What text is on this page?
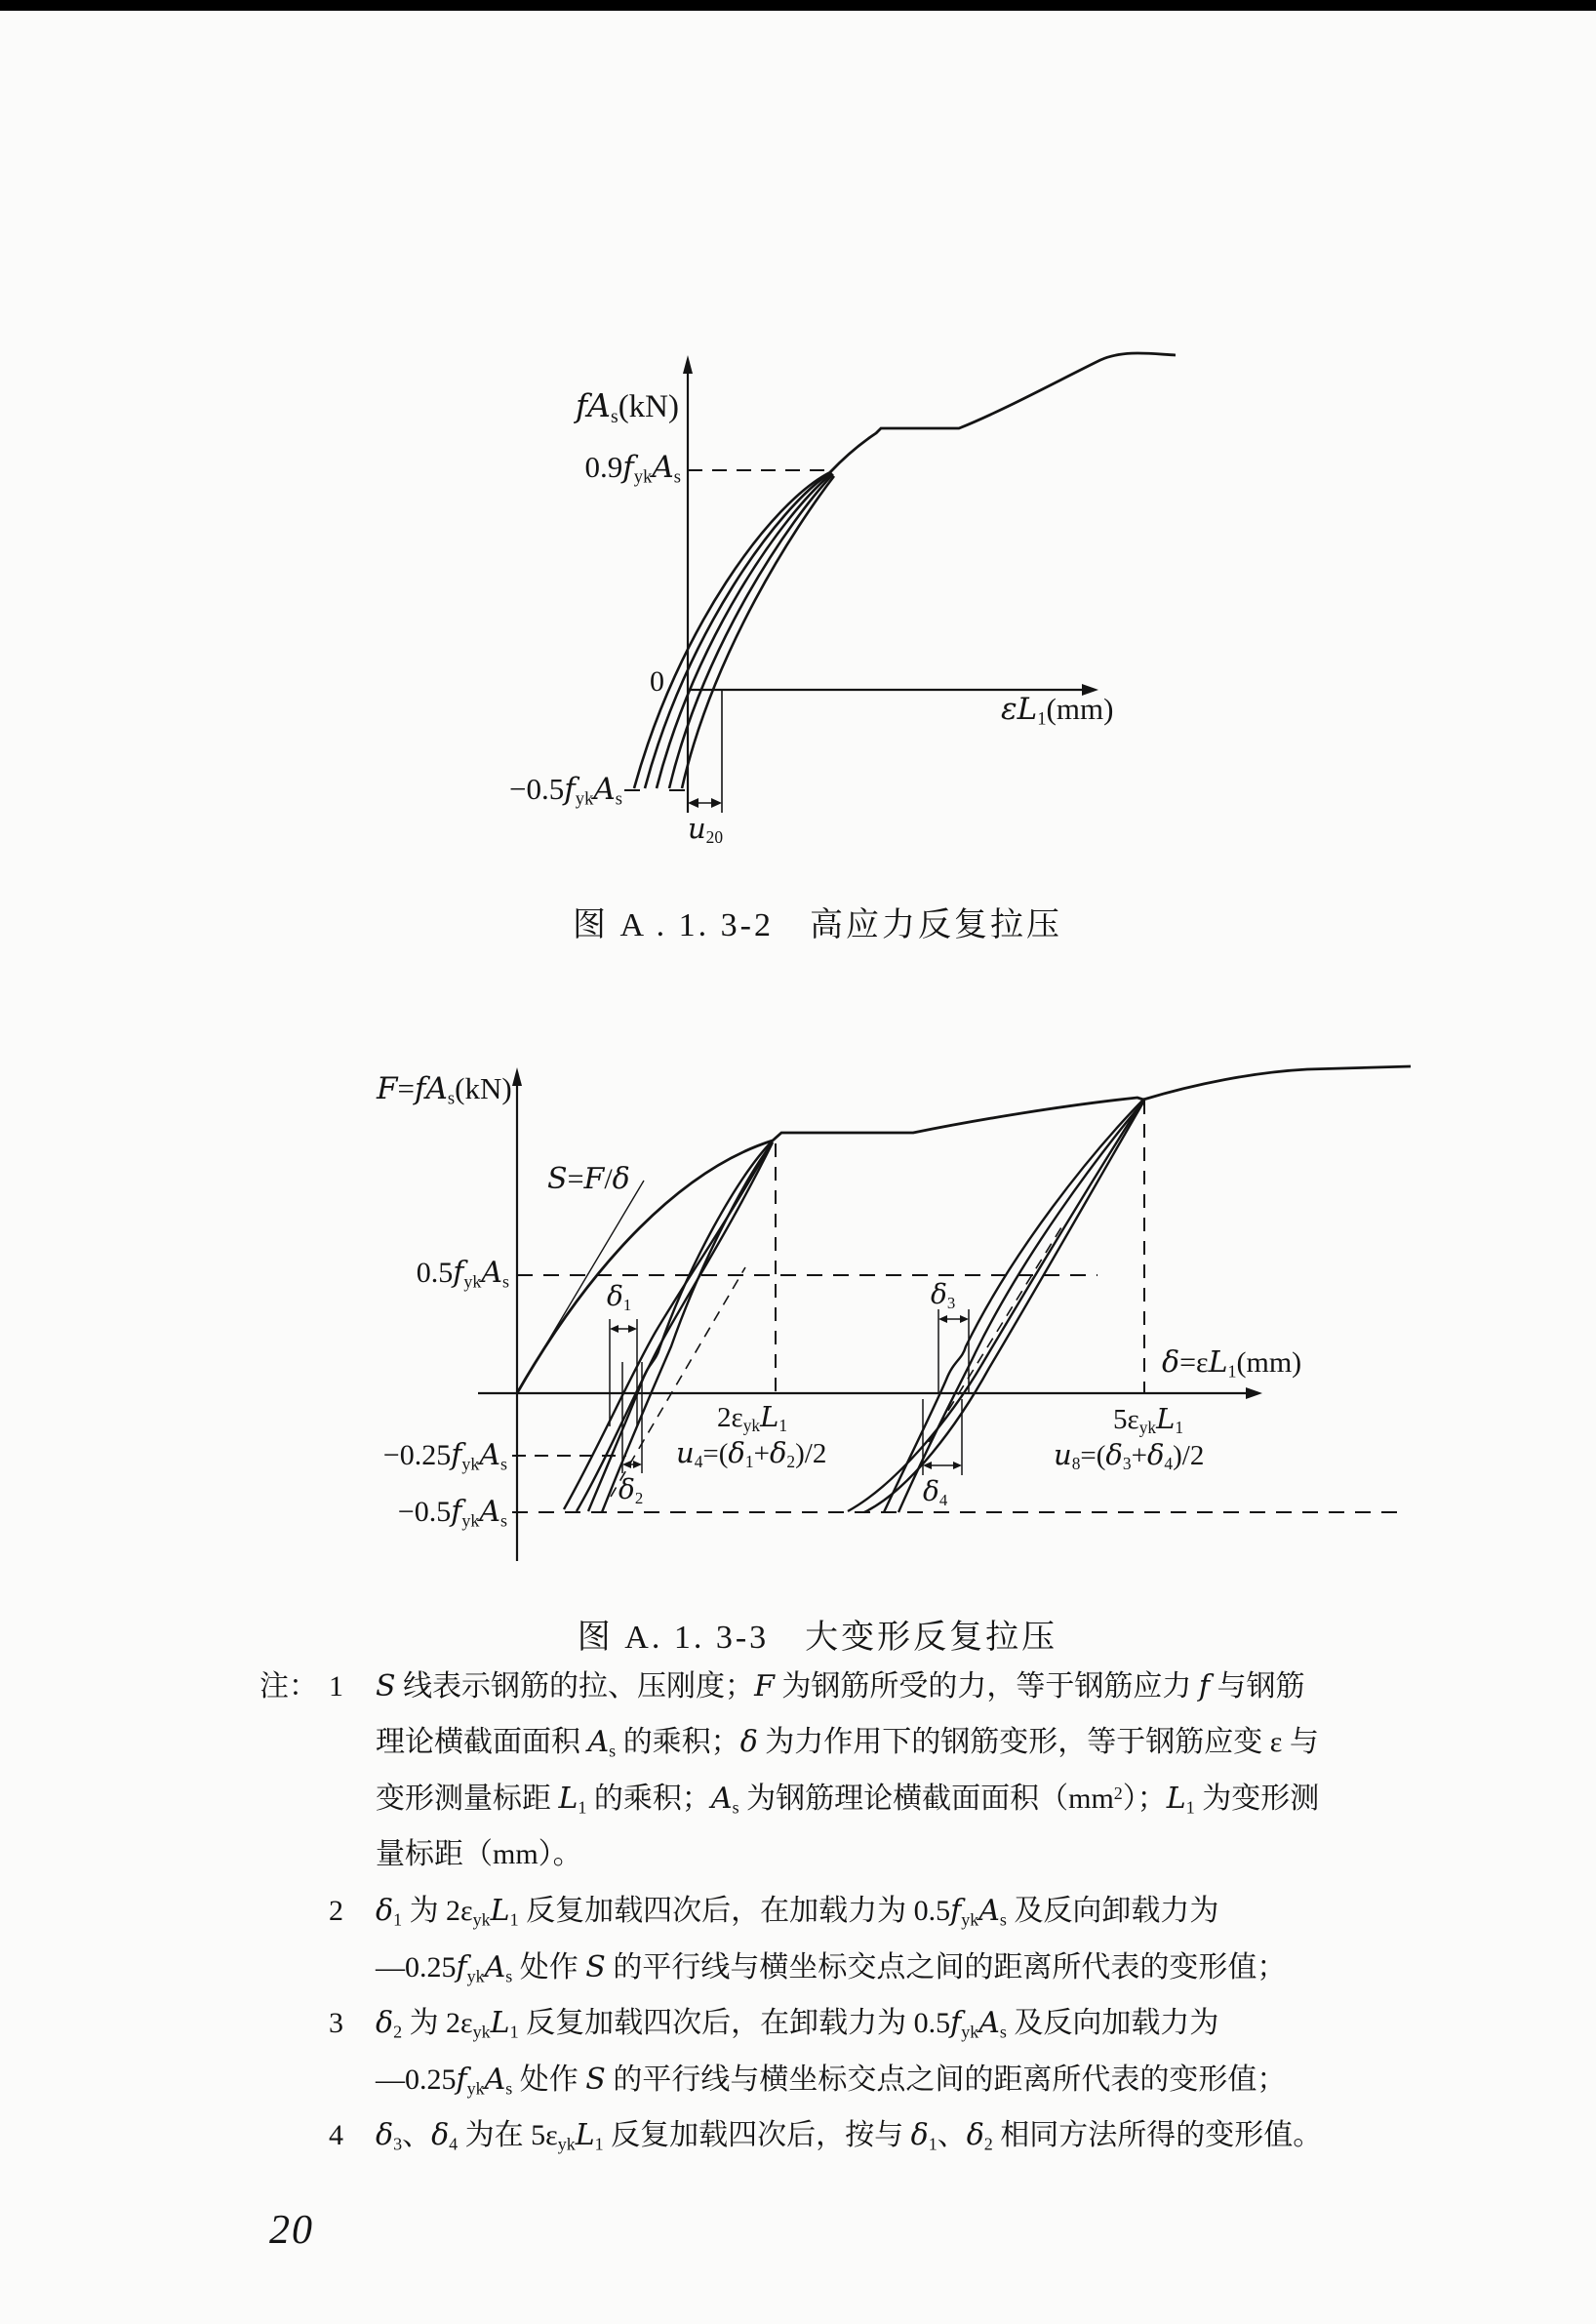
fAs(kN)
0
0.9fykAs
−0.5fykAs
εL1(mm)
u20
图 A . 1. 3-2　高应力反复拉压
F=fAs(kN)
S=F/δ
0.5fykAs
−0.25fykAs
−0.5fykAs
δ=εL1(mm)
2εykL1
u4=(δ1+δ2)/2
5εykL1
u8=(δ3+δ4)/2
δ1
δ2
δ3
δ4
图 A. 1. 3-3　大变形反复拉压
注： 1 S 线表示钢筋的拉、压刚度；F 为钢筋所受的力，等于钢筋应力 f 与钢筋
理论横截面面积 As 的乘积；δ 为力作用下的钢筋变形，等于钢筋应变 ε 与
变形测量标距 L1 的乘积；As 为钢筋理论横截面面积$(mm^2)$；L1 为变形测
量标距（mm）。
2 δ1 为 2εykL1 反复加载四次后，在加载力为 0.5fykAs 及反向卸载力为
—0.25fykAs 处作 S 的平行线与横坐标交点之间的距离所代表的变形值；
3 δ2 为 2εykL1 反复加载四次后，在卸载力为 0.5fykAs 及反向加载力为
—0.25fykAs 处作 S 的平行线与横坐标交点之间的距离所代表的变形值；
4 δ3、δ4 为在 5εykL1 反复加载四次后，按与 δ1、δ2 相同方法所得的变形值。
20
